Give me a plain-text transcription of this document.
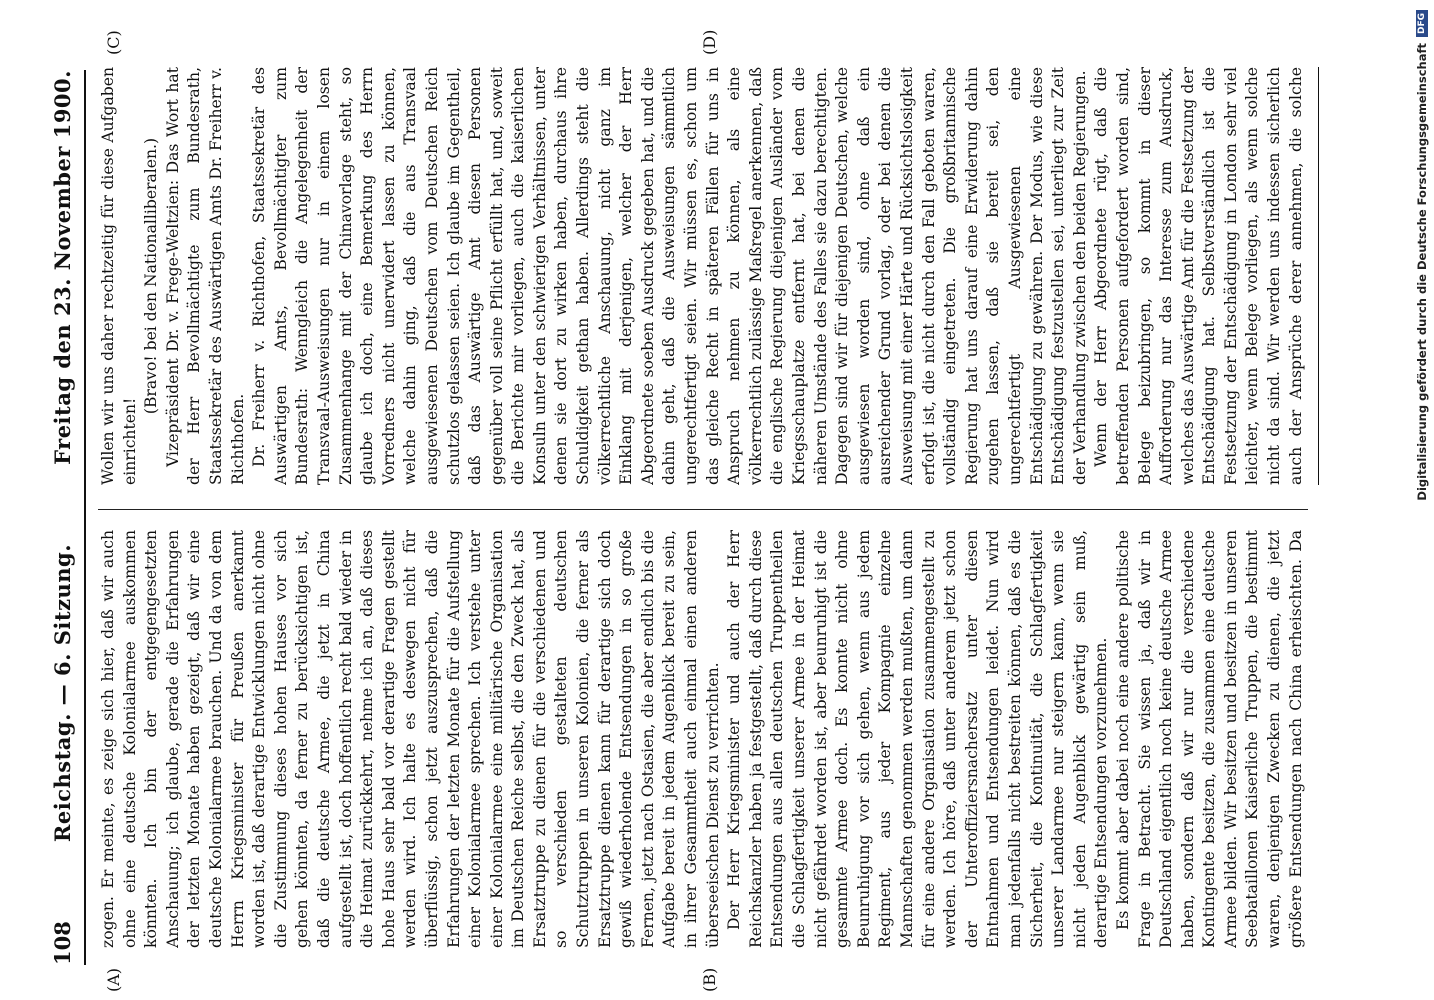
108
Reichstag. — 6. Sitzung.
Freitag den 23. November 1900.
(A)	(B)
(C)	(D)

zogen. Er meinte, es zeige sich hier, daß wir auch ohne eine deutsche Kolonialarmee auskommen könnten. Ich bin der entgegengesetzten Anschauung; ich glaube, gerade die Erfahrungen der letzten Monate haben gezeigt, daß wir eine deutsche Kolonialarmee brauchen. Und da von dem Herrn Kriegsminister für Preußen anerkannt worden ist, daß derartige Entwicklungen nicht ohne die Zustimmung dieses hohen Hauses vor sich gehen könnten, da ferner zu berücksichtigen ist, daß die deutsche Armee, die jetzt in China aufgestellt ist, doch hoffentlich recht bald wieder in die Heimat zurückkehrt, nehme ich an, daß dieses hohe Haus sehr bald vor derartige Fragen gestellt werden wird. Ich halte es deswegen nicht für überflüssig, schon jetzt auszusprechen, daß die Erfahrungen der letzten Monate für die Aufstellung einer Kolonialarmee sprechen. Ich verstehe unter einer Kolonialarmee eine militärische Organisation im Deutschen Reiche selbst, die den Zweck hat, als Ersatztruppe zu dienen für die verschiedenen und so verschieden gestalteten deutschen Schutztruppen in unseren Kolonien, die ferner als Ersatztruppe dienen kann für derartige sich doch gewiß wiederholende Entsendungen in so große Fernen, jetzt nach Ostasien, die aber endlich bis die Aufgabe bereit in jedem Augenblick bereit zu sein, in ihrer Gesammtheit auch einmal einen anderen überseeischen Dienst zu verrichten. Der Herr Kriegsminister und auch der Herr Reichskanzler haben ja festgestellt, daß durch diese Entsendungen aus allen deutschen Truppentheilen die Schlagfertigkeit unserer Armee in der Heimat nicht gefährdet worden ist, aber beunruhigt ist die gesammte Armee doch. Es konnte nicht ohne Beunruhigung vor sich gehen, wenn aus jedem Regiment, aus jeder Kompagnie einzelne Mannschaften genommen werden mußten, um dann für eine andere Organisation zusammengestellt zu werden. Ich höre, daß unter anderem jetzt schon der Unteroffiziersnachersatz unter diesen Entnahmen und Entsendungen leidet. Nun wird man jedenfalls nicht bestreiten können, daß es die Sicherheit, die Kontinuität, die Schlagfertigkeit unserer Landarmee nur steigern kann, wenn sie nicht jeden Augenblick gewärtig sein muß, derartige Entsendungen vorzunehmen. Es kommt aber dabei noch eine andere politische Frage in Betracht. Sie wissen ja, daß wir in Deutschland eigentlich noch keine deutsche Armee haben, sondern daß wir nur die verschiedene Kontingente besitzen, die zusammen eine deutsche Armee bilden. Wir besitzen und besitzen in unseren Seebataillonen Kaiserliche Truppen, die bestimmt waren, denjenigen Zwecken zu dienen, die jetzt größere Entsendungen nach China erheischten. Da

Wollen wir uns daher rechtzeitig für diese Aufgaben einrichten!

(Bravo! bei den Nationalliberalen.) Vizepräsident Dr. v. Frege-Weltzien: Das Wort hat der Herr Bevollmächtigte zum Bundesrath, Staatssekretär des Auswärtigen Amts Dr. Freiherr v. Richthofen. Dr. Freiherr v. Richthofen, Staatssekretär des Auswärtigen Amts, Bevollmächtigter zum Bundesrath: Wenngleich die Angelegenheit der Transvaal-Ausweisungen nur in einem losen Zusammenhange mit der Chinavorlage steht, so glaube ich doch, eine Bemerkung des Herrn Vorredners nicht unerwidert lassen zu können, welche dahin ging, daß die aus Transvaal ausgewiesenen Deutschen vom Deutschen Reich schutzlos gelassen seien. Ich glaube im Gegentheil, daß das Auswärtige Amt diesen Personen gegenüber voll seine Pflicht erfüllt hat, und, soweit die Berichte mir vorliegen, auch die kaiserlichen Konsuln unter den schwierigen Verhältnissen, unter denen sie dort zu wirken haben, durchaus ihre Schuldigkeit gethan haben. Allerdings steht die völkerrechtliche Anschauung, nicht ganz im Einklang mit derjenigen, welcher der Herr Abgeordnete soeben Ausdruck gegeben hat, und die dahin geht, daß die Ausweisungen sämmtlich ungerechtfertigt seien. Wir müssen es, schon um das gleiche Recht in späteren Fällen für uns in Anspruch nehmen zu können, als eine völkerrechtlich zulässige Maßregel anerkennen, daß die englische Regierung diejenigen Ausländer vom Kriegsschauplatze entfernt hat, bei denen die näheren Umstände des Falles sie dazu berechtigten. Dagegen sind wir für diejenigen Deutschen, welche ausgewiesen worden sind, ohne daß ein ausreichender Grund vorlag, oder bei denen die Ausweisung mit einer Härte und Rücksichtslosigkeit erfolgt ist, die nicht durch den Fall geboten waren, vollständig eingetreten. Die großbritannische Regierung hat uns darauf eine Erwiderung dahin zugehen lassen, daß sie bereit sei, den ungerechtfertigt Ausgewiesenen eine Entschädigung zu gewähren. Der Modus, wie diese Entschädigung festzustellen sei, unterliegt zur Zeit der Verhandlung zwischen den beiden Regierungen. Wenn der Herr Abgeordnete rügt, daß die betreffenden Personen aufgefordert worden sind, Belege beizubringen, so kommt in dieser Aufforderung nur das Interesse zum Ausdruck, welches das Auswärtige Amt für die Festsetzung der Entschädigung hat. Selbstverständlich ist die Festsetzung der Entschädigung in London sehr viel leichter, wenn Belege vorliegen, als wenn solche nicht da sind. Wir werden uns indessen sicherlich auch der Ansprüche derer annehmen, die solche	Digitalisierung gefördert durch die Deutsche Forschungsgemeinschaft
DFG
